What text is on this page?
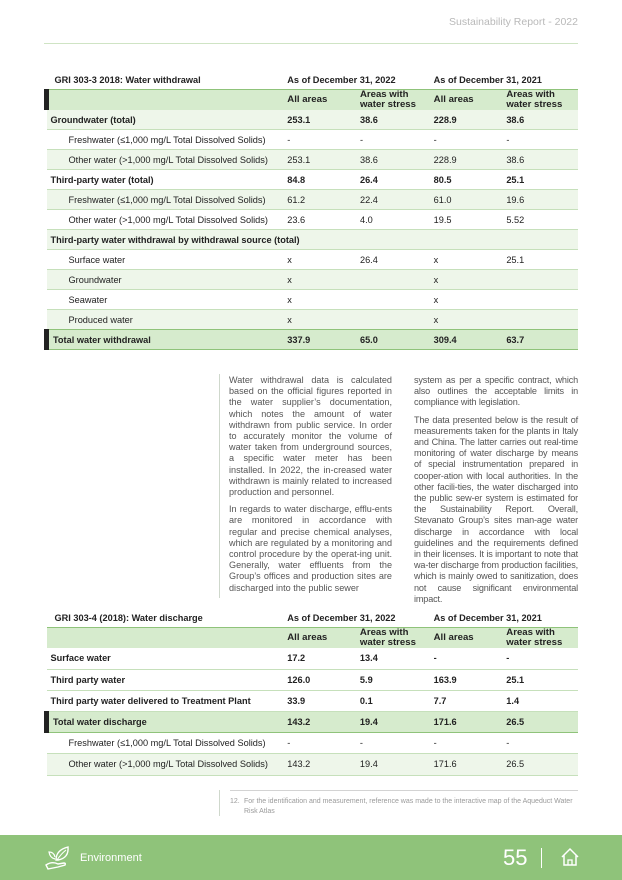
Sustainability Report - 2022
GRI 303-3 2018: Water withdrawal	As of December 31, 2022		As of December 31, 2021	
	All areas	Areas with water stress	All areas	Areas with water stress
Groundwater (total)	253.1	38.6	228.9	38.6
Freshwater (≤1,000 mg/L Total Dissolved Solids)	-	-	-	-
Other water (>1,000 mg/L Total Dissolved Solids)	253.1	38.6	228.9	38.6
Third-party water (total)	84.8	26.4	80.5	25.1
Freshwater (≤1,000 mg/L Total Dissolved Solids)	61.2	22.4	61.0	19.6
Other water (>1,000 mg/L Total Dissolved Solids)	23.6	4.0	19.5	5.52
Third-party water withdrawal by withdrawal source (total)				
Surface water	x	26.4	x	25.1
Groundwater	x		x	
Seawater	x		x	
Produced water	x		x	
Total water withdrawal	337.9	65.0	309.4	63.7

Water withdrawal data is calculated based on the official figures reported in the water supplier’s documentation, which notes the amount of water withdrawn from public service. In order to accurately monitor the volume of water taken from underground sources, a specific water meter has been installed. In 2022, the in-creased water withdrawn is mainly related to increased production and personnel.

In regards to water discharge, efflu-ents are monitored in accordance with regular and precise chemical analyses, which are regulated by a monitoring and control procedure by the operat-ing unit. Generally, water effluents from the Group’s offices and production sites are discharged into the public sewer

system as per a specific contract, which also outlines the acceptable limits in compliance with legislation.

The data presented below is the result of measurements taken for the plants in Italy and China. The latter carries out real-time monitoring of water discharge by means of special instrumentation prepared in cooper-ation with local authorities. In the other facili-ties, the water discharged into the public sew-er system is estimated for the Sustainability Report. Overall, Stevanato Group’s sites man-age water discharge in accordance with local guidelines and the requirements defined in their licenses. It is important to note that wa-ter discharge from production facilities, which is mainly owed to sanitization, does not cause significant environmental impact.

GRI 303-4 (2018): Water discharge	As of December 31, 2022		As of December 31, 2021	
	All areas	Areas with water stress	All areas	Areas with water stress
Surface water	17.2	13.4	-	-
Third party water	126.0	5.9	163.9	25.1
Third party water delivered to Treatment Plant	33.9	0.1	7.7	1.4
Total water discharge	143.2	19.4	171.6	26.5
Freshwater (≤1,000 mg/L Total Dissolved Solids)	-	-	-	-
Other water (>1,000 mg/L Total Dissolved Solids)	143.2	19.4	171.6	26.5
12. For the identification and measurement, reference was made to the interactive map of the Aqueduct Water Risk Atlas
Environment	55
